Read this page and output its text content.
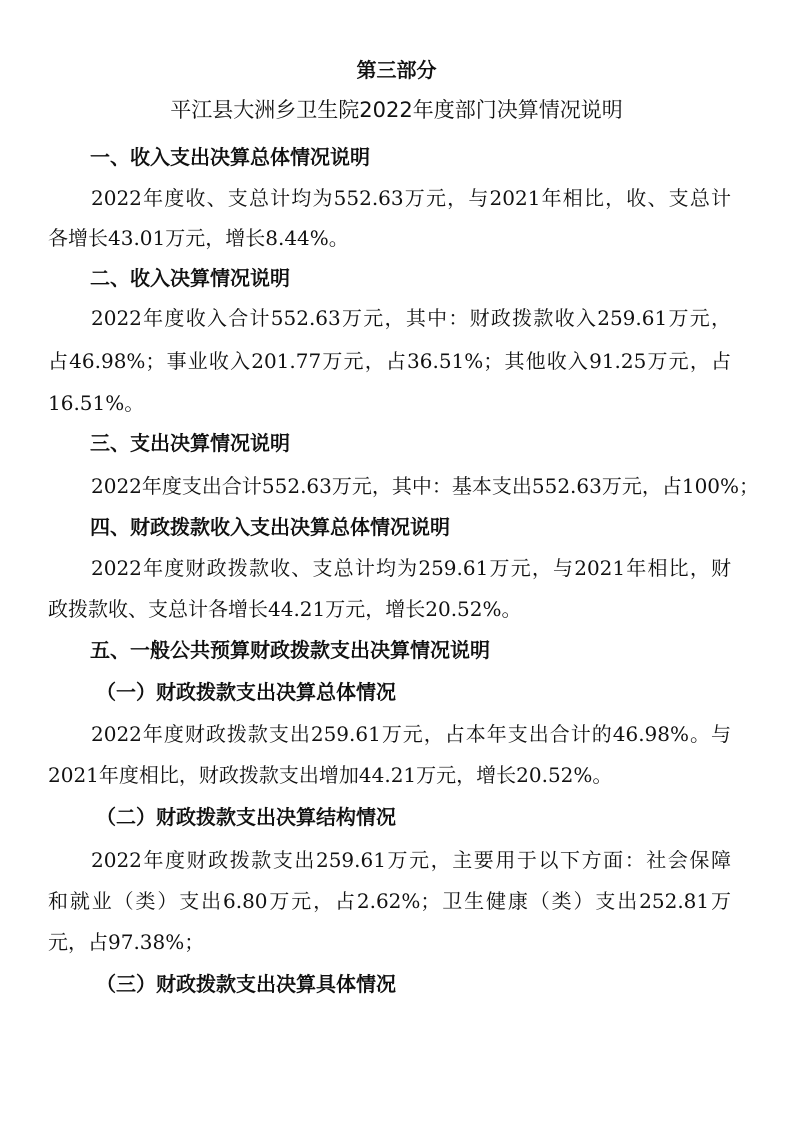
第三部分
平江县大洲乡卫生院2022年度部门决算情况说明
一、收入支出决算总体情况说明
2022年度收、支总计均为552.63万元，与2021年相比，收、支总计
各增长43.01万元，增长8.44%。
二、收入决算情况说明
2022年度收入合计552.63万元，其中：财政拨款收入259.61万元，
占46.98%；事业收入201.77万元，占36.51%；其他收入91.25万元，占
16.51%。
三、支出决算情况说明
2022年度支出合计552.63万元，其中：基本支出552.63万元，占100%；
四、财政拨款收入支出决算总体情况说明
2022年度财政拨款收、支总计均为259.61万元，与2021年相比，财
政拨款收、支总计各增长44.21万元，增长20.52%。
五、一般公共预算财政拨款支出决算情况说明
（一）财政拨款支出决算总体情况
2022年度财政拨款支出259.61万元，占本年支出合计的46.98%。与
2021年度相比，财政拨款支出增加44.21万元，增长20.52%。
（二）财政拨款支出决算结构情况
2022年度财政拨款支出259.61万元，主要用于以下方面：社会保障
和就业（类）支出6.80万元，占2.62%；卫生健康（类）支出252.81万
元，占97.38%；
（三）财政拨款支出决算具体情况
